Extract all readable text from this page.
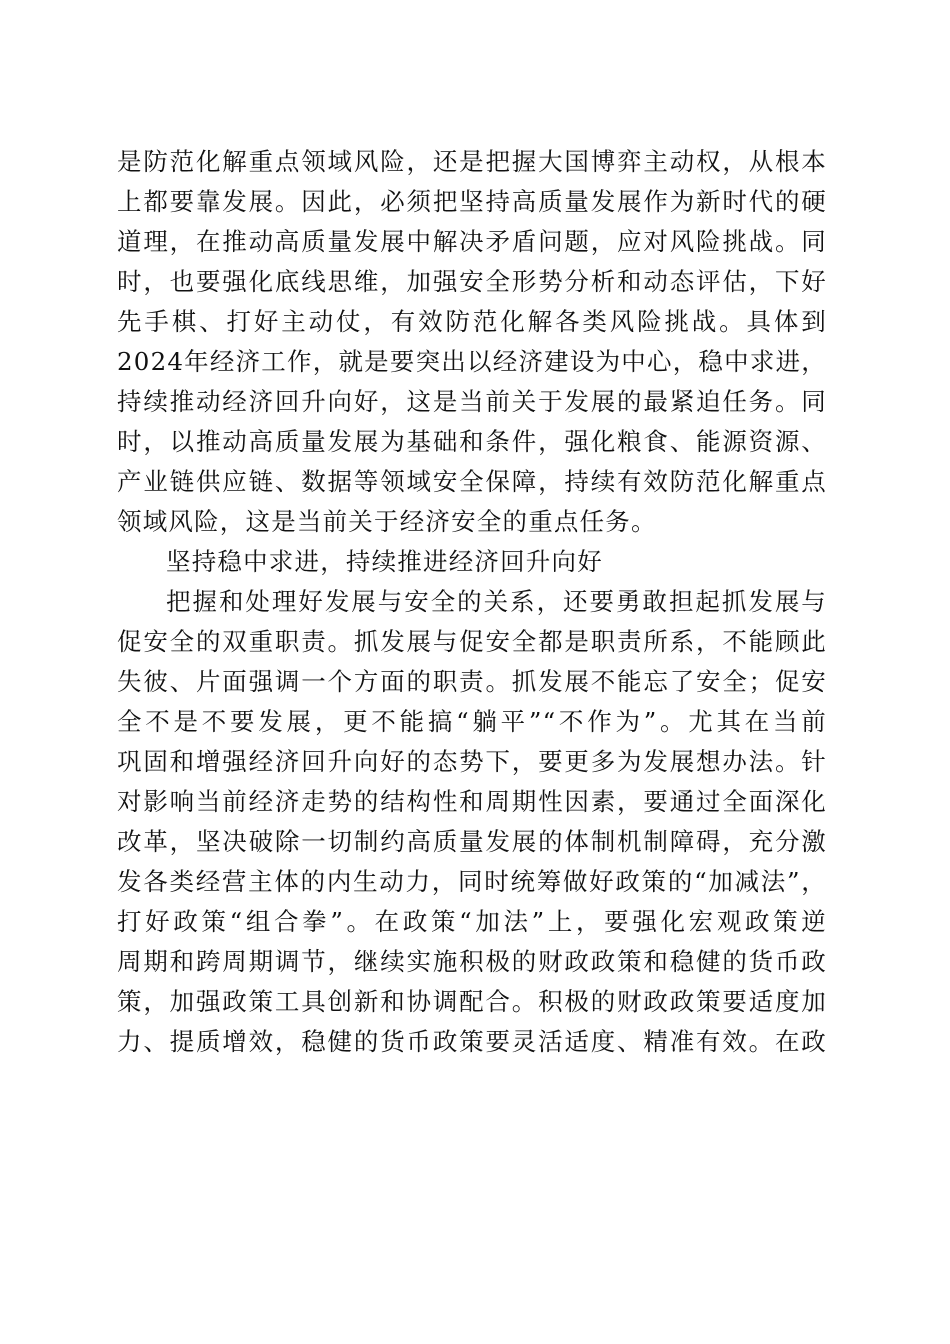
是防范化解重点领域风险，还是把握大国博弈主动权，从根本
上都要靠发展。因此，必须把坚持高质量发展作为新时代的硬
道理，在推动高质量发展中解决矛盾问题，应对风险挑战。同
时，也要强化底线思维，加强安全形势分析和动态评估，下好
先手棋、打好主动仗，有效防范化解各类风险挑战。具体到
2024年经济工作，就是要突出以经济建设为中心，稳中求进，
持续推动经济回升向好，这是当前关于发展的最紧迫任务。同
时，以推动高质量发展为基础和条件，强化粮食、能源资源、
产业链供应链、数据等领域安全保障，持续有效防范化解重点
领域风险，这是当前关于经济安全的重点任务。
坚持稳中求进，持续推进经济回升向好
把握和处理好发展与安全的关系，还要勇敢担起抓发展与
促安全的双重职责。抓发展与促安全都是职责所系，不能顾此
失彼、片面强调一个方面的职责。抓发展不能忘了安全；促安
全不是不要发展，更不能搞“躺平”“不作为”。尤其在当前
巩固和增强经济回升向好的态势下，要更多为发展想办法。针
对影响当前经济走势的结构性和周期性因素，要通过全面深化
改革，坚决破除一切制约高质量发展的体制机制障碍，充分激
发各类经营主体的内生动力，同时统筹做好政策的“加减法”，
打好政策“组合拳”。在政策“加法”上，要强化宏观政策逆
周期和跨周期调节，继续实施积极的财政政策和稳健的货币政
策，加强政策工具创新和协调配合。积极的财政政策要适度加
力、提质增效，稳健的货币政策要灵活适度、精准有效。在政
